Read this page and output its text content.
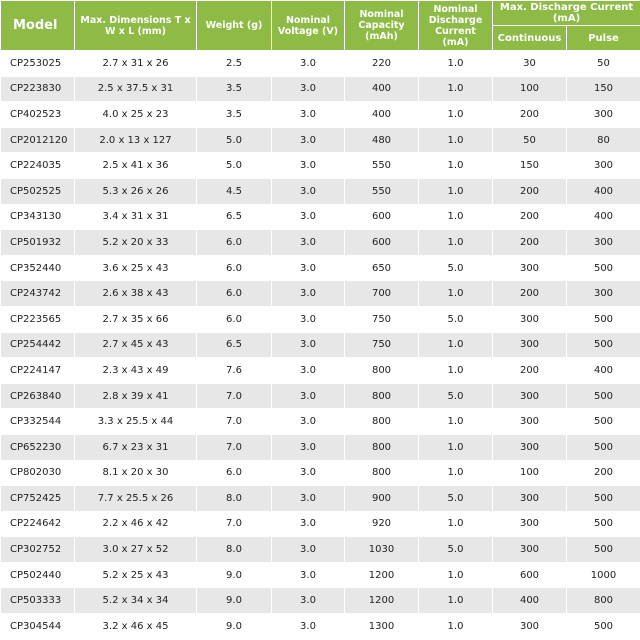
Model	Max. Dimensions T x W x L (mm)	Weight (g)	Nominal Voltage (V)	Nominal Capacity (mAh)	Nominal Discharge Current (mA)	Max. Discharge Current (mA)	
						Continuous	Pulse
CP253025	2.7 x 31 x 26	2.5	3.0	220	1.0	30	50
CP223830	2.5 x 37.5 x 31	3.5	3.0	400	1.0	100	150
CP402523	4.0 x 25 x 23	3.5	3.0	400	1.0	200	300
CP2012120	2.0 x 13 x 127	5.0	3.0	480	1.0	50	80
CP224035	2.5 x 41 x 36	5.0	3.0	550	1.0	150	300
CP502525	5.3 x 26 x 26	4.5	3.0	550	1.0	200	400
CP343130	3.4 x 31 x 31	6.5	3.0	600	1.0	200	400
CP501932	5.2 x 20 x 33	6.0	3.0	600	1.0	200	300
CP352440	3.6 x 25 x 43	6.0	3.0	650	5.0	300	500
CP243742	2.6 x 38 x 43	6.0	3.0	700	1.0	200	300
CP223565	2.7 x 35 x 66	6.0	3.0	750	5.0	300	500
CP254442	2.7 x 45 x 43	6.5	3.0	750	1.0	300	500
CP224147	2.3 x 43 x 49	7.6	3.0	800	1.0	200	400
CP263840	2.8 x 39 x 41	7.0	3.0	800	5.0	300	500
CP332544	3.3 x 25.5 x 44	7.0	3.0	800	1.0	300	500
CP652230	6.7 x 23 x 31	7.0	3.0	800	1.0	300	500
CP802030	8.1 x 20 x 30	6.0	3.0	800	1.0	100	200
CP752425	7.7 x 25.5 x 26	8.0	3.0	900	5.0	300	500
CP224642	2.2 x 46 x 42	7.0	3.0	920	1.0	300	500
CP302752	3.0 x 27 x 52	8.0	3.0	1030	5.0	300	500
CP502440	5.2 x 25 x 43	9.0	3.0	1200	1.0	600	1000
CP503333	5.2 x 34 x 34	9.0	3.0	1200	1.0	400	800
CP304544	3.2 x 46 x 45	9.0	3.0	1300	1.0	300	500
